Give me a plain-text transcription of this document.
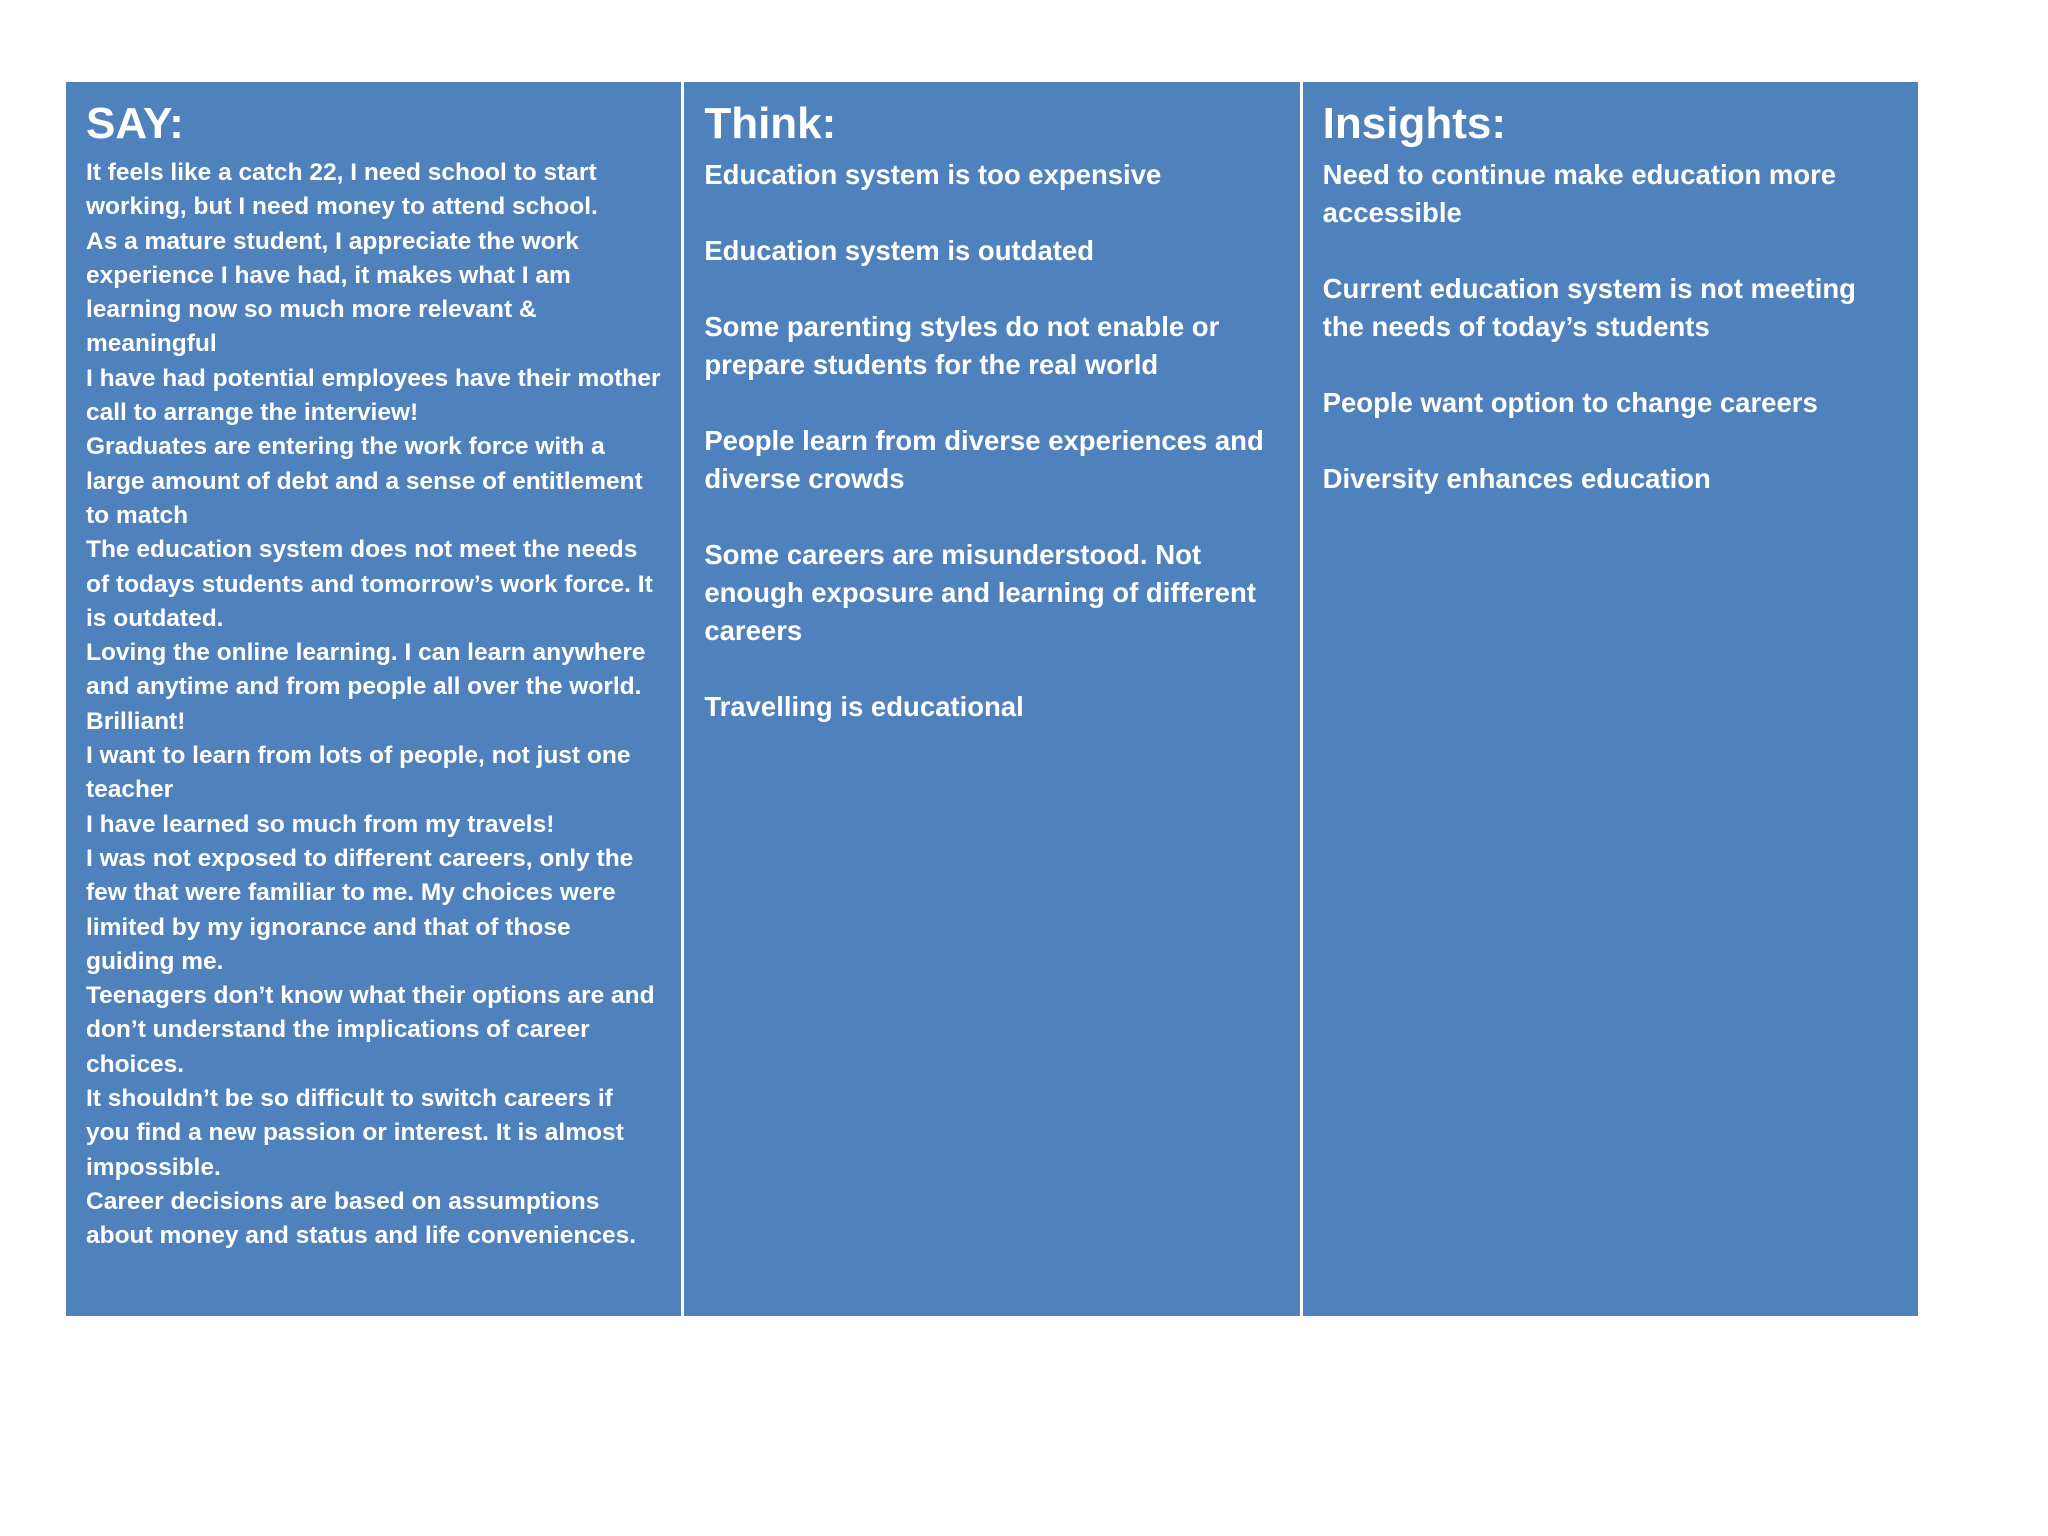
SAY:
It feels like a catch 22, I need school to start working, but I need money to attend school.
As a mature student, I appreciate the work experience I have had, it makes what I am learning now so much more relevant & meaningful
I have had potential employees have their mother call to arrange the interview!
Graduates are entering the work force with a large amount of debt and a sense of entitlement to match
The education system does not meet the needs of todays students and tomorrow’s work force. It is outdated.
Loving the online learning. I can learn anywhere and anytime and from people all over the world. Brilliant!
I want to learn from lots of people, not just one teacher
I have learned so much from my travels!
I was not exposed to different careers, only the few that were familiar to me. My choices were limited by my ignorance and that of those guiding me.
Teenagers don’t know what their options are and don’t understand the implications of career choices.
It shouldn’t be so difficult to switch careers if you find a new passion or interest. It is almost impossible.
Career decisions are based on assumptions about money and status and life conveniences.
Think:
Education system is too expensive
Education system is outdated
Some parenting styles do not enable or prepare students for the real world
People learn from diverse experiences and diverse crowds
Some careers are misunderstood. Not enough exposure and learning of different careers
Travelling is educational
Insights:
Need to continue make education more accessible
Current education system is not meeting the needs of today’s students
People want option to change careers
Diversity enhances education
